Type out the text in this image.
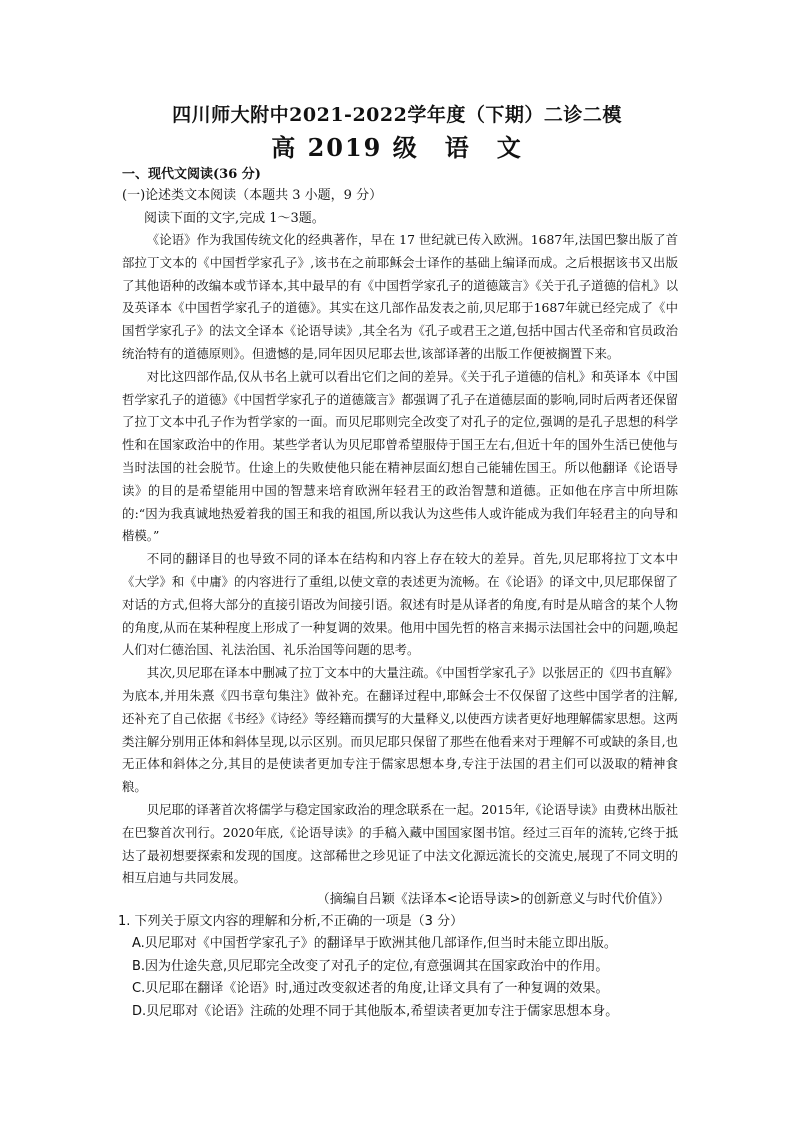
四川师大附中2021-2022学年度（下期）二诊二模
高 2019 级　语　文
一、现代文阅读(36 分)
(一)论述类文本阅读（本题共 3 小题，9 分）
阅读下面的文字,完成 1～3题。

《论语》作为我国传统文化的经典著作，早在 17 世纪就已传入欧洲。1687年,法国巴黎出版了首部拉丁文本的《中国哲学家孔子》,该书在之前耶稣会士译作的基础上编译而成。之后根据该书又出版了其他语种的改编本或节译本,其中最早的有《中国哲学家孔子的道德箴言》《关于孔子道德的信札》以及英译本《中国哲学家孔子的道德》。其实在这几部作品发表之前,贝尼耶于1687年就已经完成了《中国哲学家孔子》的法文全译本《论语导读》,其全名为《孔子或君王之道,包括中国古代圣帝和官员政治统治特有的道德原则》。但遗憾的是,同年因贝尼耶去世,该部译著的出版工作便被搁置下来。

对比这四部作品,仅从书名上就可以看出它们之间的差异。《关于孔子道德的信札》和英译本《中国哲学家孔子的道德》《中国哲学家孔子的道德箴言》都强调了孔子在道德层面的影响,同时后两者还保留了拉丁文本中孔子作为哲学家的一面。而贝尼耶则完全改变了对孔子的定位,强调的是孔子思想的科学性和在国家政治中的作用。某些学者认为贝尼耶曾希望服侍于国王左右,但近十年的国外生活已使他与当时法国的社会脱节。仕途上的失败使他只能在精神层面幻想自己能辅佐国王。所以他翻译《论语导读》的目的是希望能用中国的智慧来培育欧洲年轻君王的政治智慧和道德。正如他在序言中所坦陈的:“因为我真诚地热爱着我的国王和我的祖国,所以我认为这些伟人或许能成为我们年轻君主的向导和楷模。”

不同的翻译目的也导致不同的译本在结构和内容上存在较大的差异。首先,贝尼耶将拉丁文本中《大学》和《中庸》的内容进行了重组,以使文章的表述更为流畅。在《论语》的译文中,贝尼耶保留了对话的方式,但将大部分的直接引语改为间接引语。叙述有时是从译者的角度,有时是从暗含的某个人物的角度,从而在某种程度上形成了一种复调的效果。他用中国先哲的格言来揭示法国社会中的问题,唤起人们对仁德治国、礼法治国、礼乐治国等问题的思考。

其次,贝尼耶在译本中删减了拉丁文本中的大量注疏。《中国哲学家孔子》以张居正的《四书直解》为底本,并用朱熹《四书章句集注》做补充。在翻译过程中,耶稣会士不仅保留了这些中国学者的注解,还补充了自己依据《书经》《诗经》等经籍而撰写的大量释义,以使西方读者更好地理解儒家思想。这两类注解分别用正体和斜体呈现,以示区别。而贝尼耶只保留了那些在他看来对于理解不可或缺的条目,也无正体和斜体之分,其目的是使读者更加专注于儒家思想本身,专注于法国的君主们可以汲取的精神食粮。

贝尼耶的译著首次将儒学与稳定国家政治的理念联系在一起。2015年,《论语导读》由费林出版社在巴黎首次刊行。2020年底,《论语导读》的手稿入藏中国国家图书馆。经过三百年的流转,它终于抵达了最初想要探索和发现的国度。这部稀世之珍见证了中法文化源远流长的交流史,展现了不同文明的相互启迪与共同发展。

（摘编自吕颖《法译本<论语导读>的创新意义与时代价值》）
1. 下列关于原文内容的理解和分析,不正确的一项是（3 分）
A.贝尼耶对《中国哲学家孔子》的翻译早于欧洲其他几部译作,但当时未能立即出版。
B.因为仕途失意,贝尼耶完全改变了对孔子的定位,有意强调其在国家政治中的作用。
C.贝尼耶在翻译《论语》时,通过改变叙述者的角度,让译文具有了一种复调的效果。
D.贝尼耶对《论语》注疏的处理不同于其他版本,希望读者更加专注于儒家思想本身。
